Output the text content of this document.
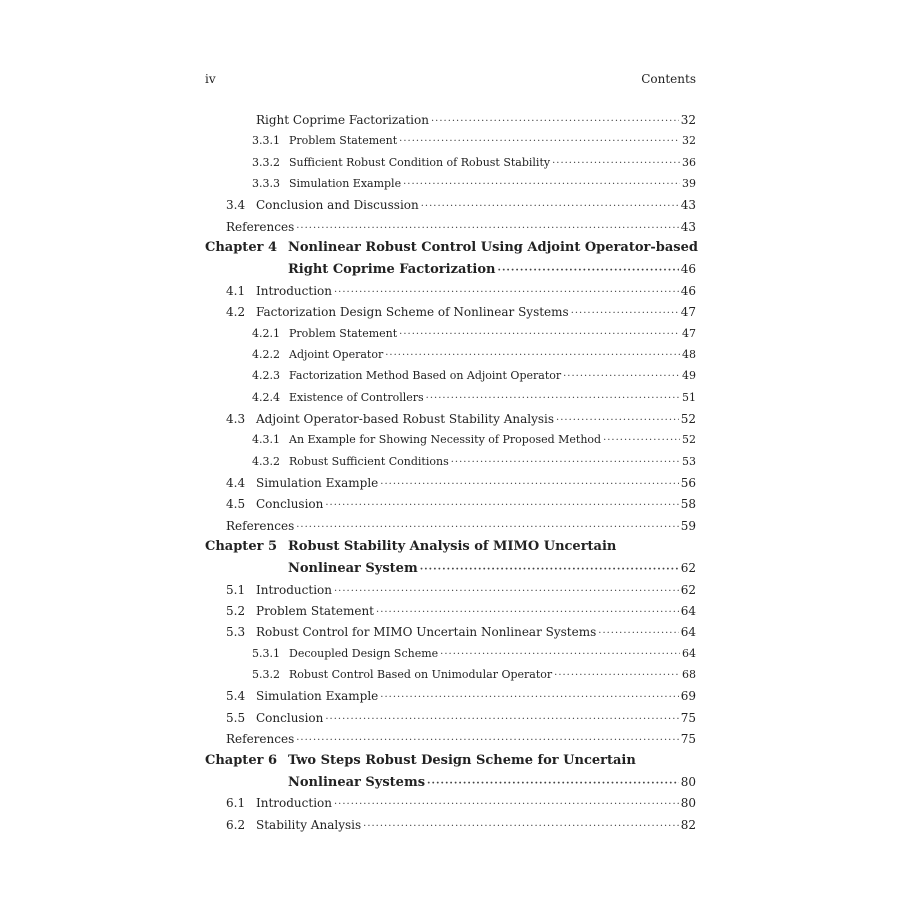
iv	Contents
Right Coprime Factorization ·····	32
3.3.1 Problem Statement ·····	32
3.3.2 Sufficient Robust Condition of Robust Stability ·····	36
3.3.3 Simulation Example ·····	39
3.4 Conclusion and Discussion ·····	43
References ·····	43
Chapter 4 Nonlinear Robust Control Using Adjoint Operator-based
Right Coprime Factorization ·····	46
4.1 Introduction ·····	46
4.2 Factorization Design Scheme of Nonlinear Systems ·····	47
4.2.1 Problem Statement ·····	47
4.2.2 Adjoint Operator ·····	48
4.2.3 Factorization Method Based on Adjoint Operator ·····	49
4.2.4 Existence of Controllers ·····	51
4.3 Adjoint Operator-based Robust Stability Analysis ·····	52
4.3.1 An Example for Showing Necessity of Proposed Method ·····	52
4.3.2 Robust Sufficient Conditions ·····	53
4.4 Simulation Example ·····	56
4.5 Conclusion ·····	58
References ·····	59
Chapter 5 Robust Stability Analysis of MIMO Uncertain
Nonlinear System ·····	62
5.1 Introduction ·····	62
5.2 Problem Statement ·····	64
5.3 Robust Control for MIMO Uncertain Nonlinear Systems ·····	64
5.3.1 Decoupled Design Scheme ·····	64
5.3.2 Robust Control Based on Unimodular Operator ·····	68
5.4 Simulation Example ·····	69
5.5 Conclusion ·····	75
References ·····	75
Chapter 6 Two Steps Robust Design Scheme for Uncertain
Nonlinear Systems ·····	80
6.1 Introduction ·····	80
6.2 Stability Analysis ·····	82
